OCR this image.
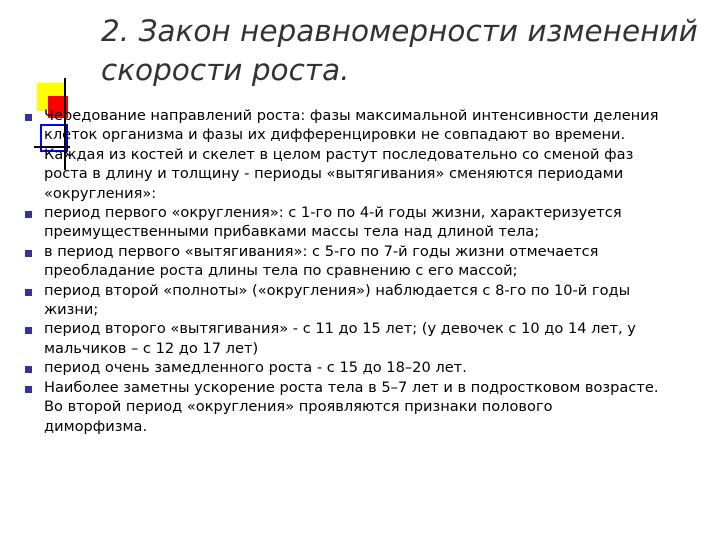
2. Закон неравномерности изменений
скорости роста.
Чередование направлений роста: фазы максимальной интенсивности деления
клеток организма и фазы их дифференцировки не совпадают во времени.
Каждая из костей и скелет в целом растут последовательно со сменой фаз
роста в длину и толщину - периоды «вытягивания» сменяются периодами
«округления»:
период первого «округления»: с 1-го по 4-й годы жизни, характеризуется
преимущественными прибавками массы тела над длиной тела;
в период первого «вытягивания»: с 5-го по 7-й годы жизни отмечается
преобладание роста длины тела по сравнению с его массой;
период второй «полноты» («округления») наблюдается с 8-го по 10-й годы
жизни;
период второго «вытягивания» - с 11 до 15 лет; (у девочек с 10 до 14 лет, у
мальчиков – с 12 до 17 лет)
период очень замедленного роста - с 15 до 18–20 лет.
Наиболее заметны ускорение роста тела в 5–7 лет и в подростковом возрасте.
Во второй период «округления» проявляются признаки полового
диморфизма.
